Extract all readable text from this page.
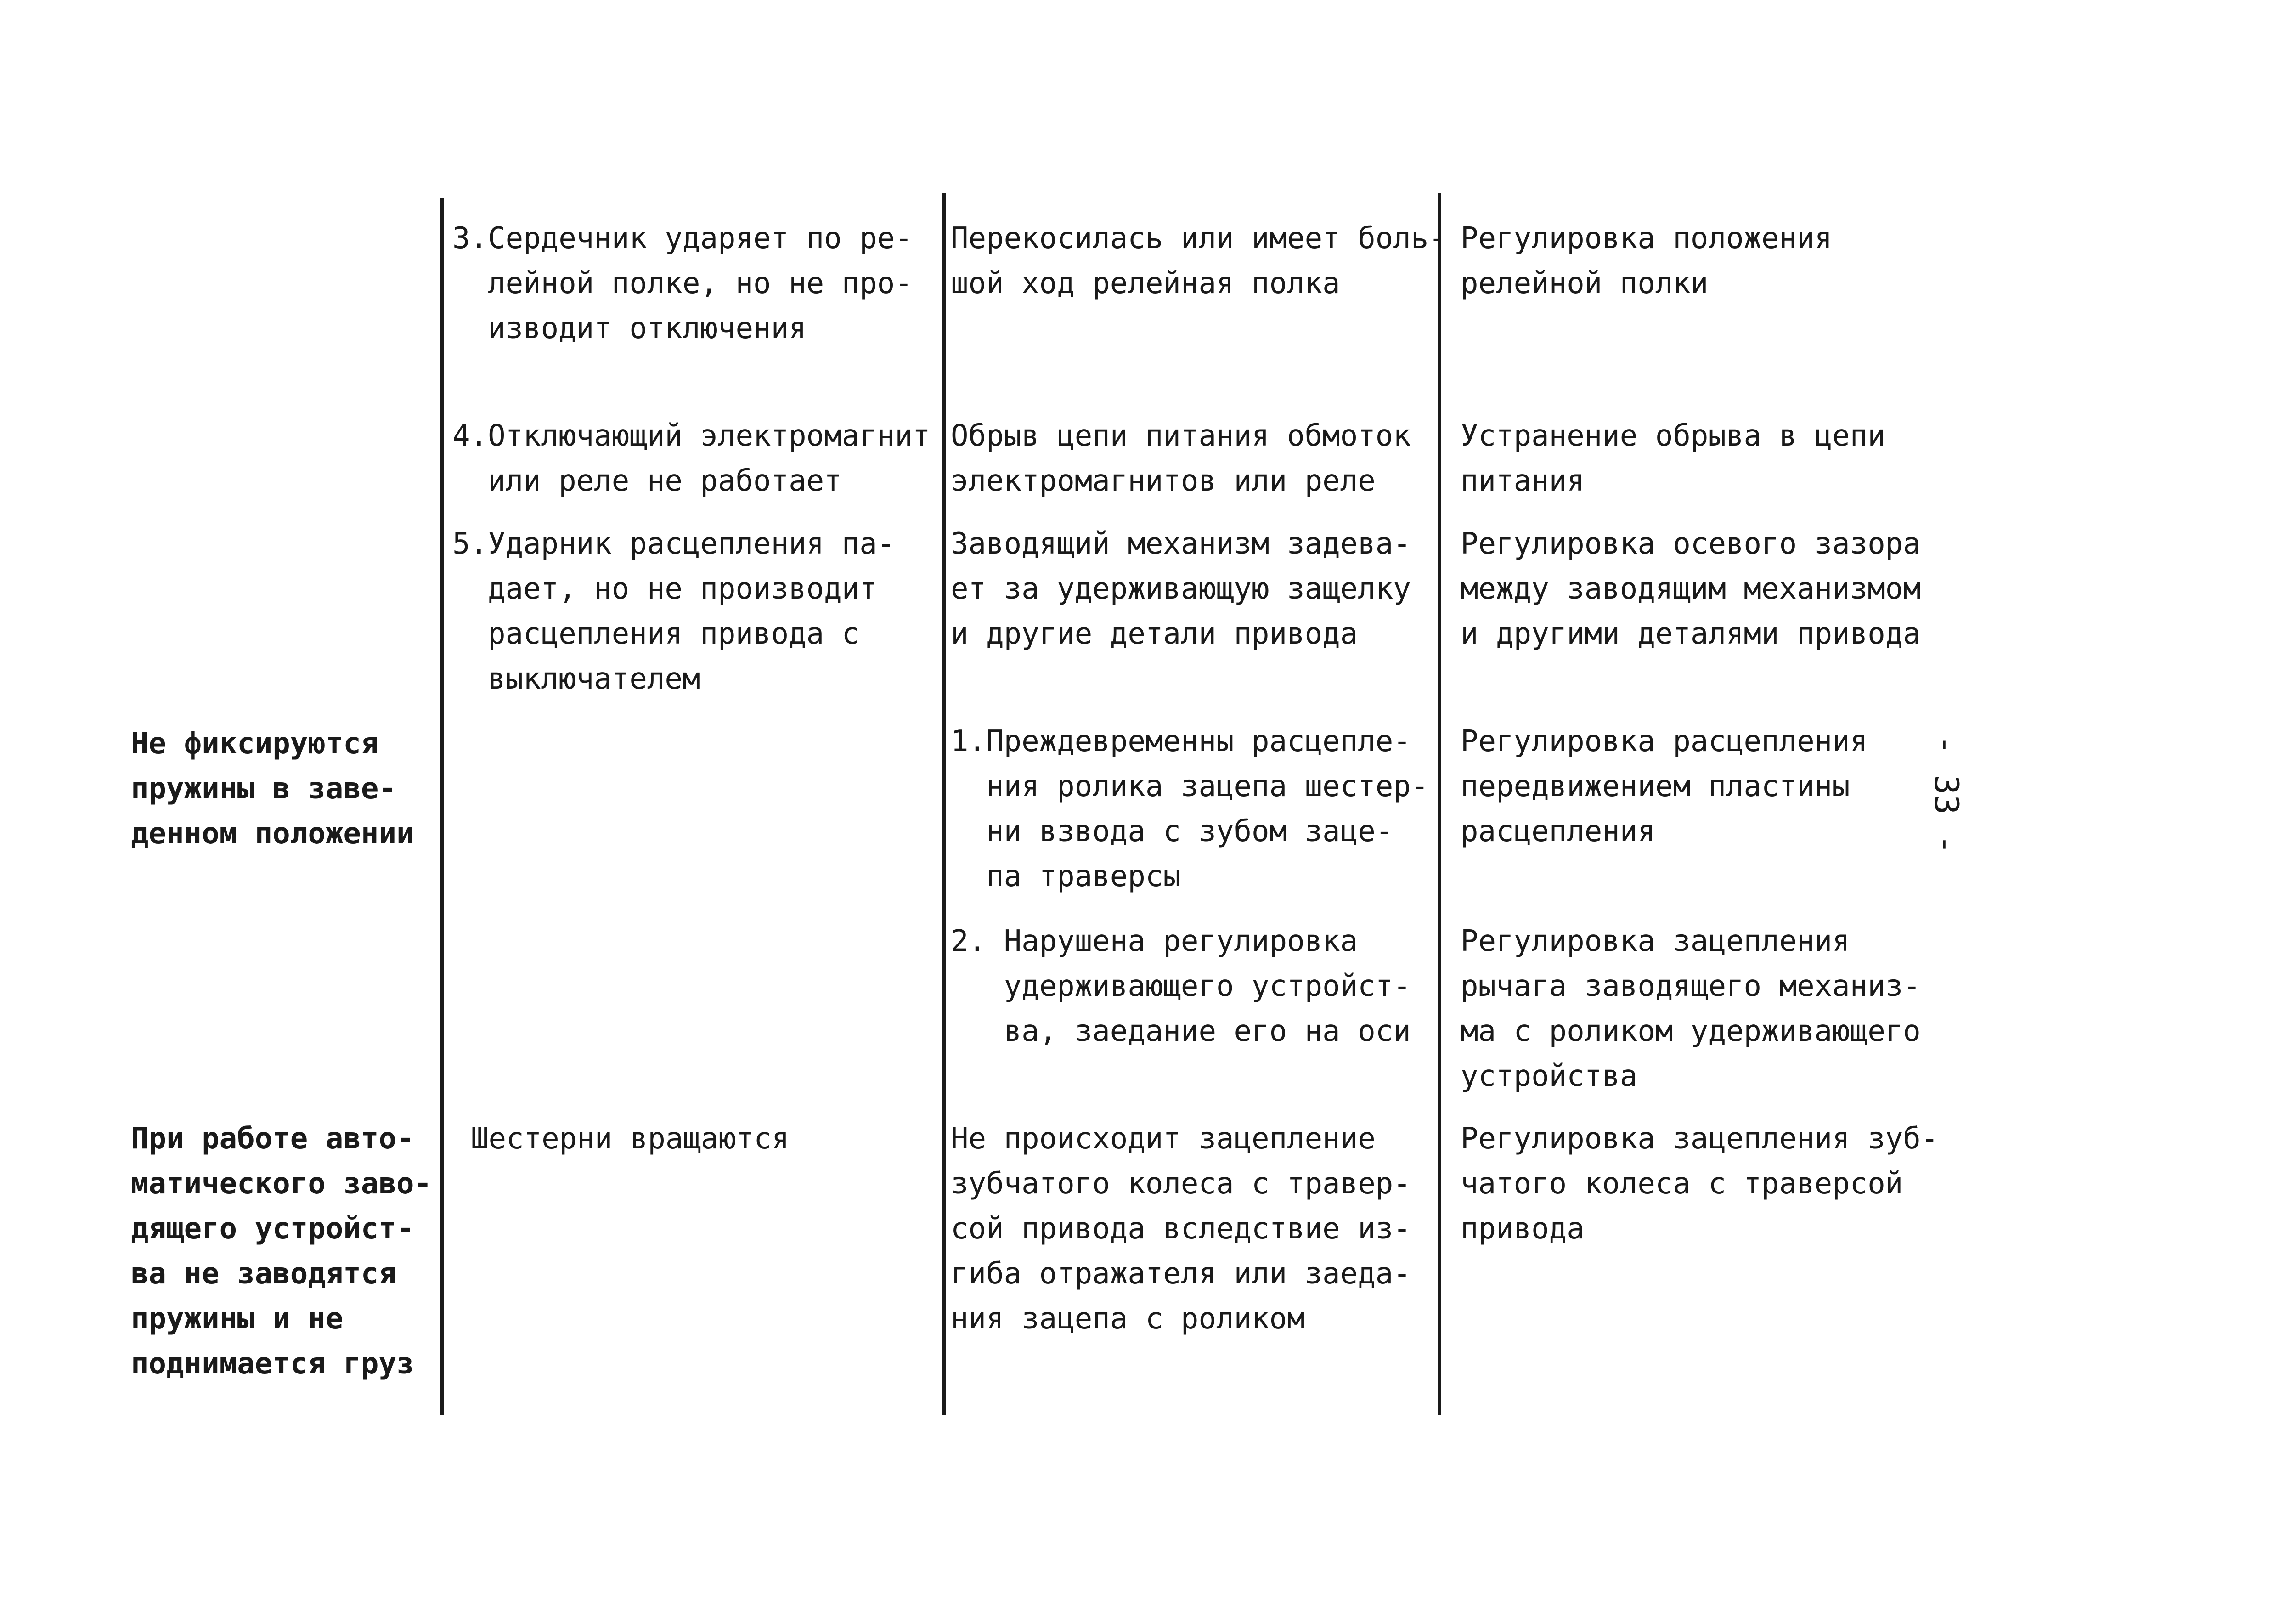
- 33 -
3.Сердечник ударяет по ре-
лейной полке, но не про-
изводит отключения
Перекосилась или имеет боль-
шой ход релейная полка
Регулировка положения
релейной полки
4.Отключающий электромагнит
или реле не работает
Обрыв цепи питания обмоток
электромагнитов или реле
Устранение обрыва в цепи
питания
5.Ударник расцепления па-
дает, но не производит
расцепления привода с
выключателем
Заводящий механизм задева-
ет за удерживающую защелку
и другие детали привода
Регулировка осевого зазора
между заводящим механизмом
и другими деталями привода
Не фиксируются
пружины в заве-
денном положении
1.Преждевременны расцепле-
ния ролика зацепа шестер-
ни взвода с зубом заце-
па траверсы
Регулировка расцепления
передвижением пластины
расцепления
2. Нарушена регулировка
удерживающего устройст-
ва, заедание его на оси
Регулировка зацепления
рычага заводящего механиз-
ма с роликом удерживающего
устройства
При работе авто-
матического заво-
дящего устройст-
ва не заводятся
пружины и не
поднимается груз
Шестерни вращаются	Не происходит зацепление
зубчатого колеса с травер-
сой привода вследствие из-
гиба отражателя или заеда-
ния зацепа с роликом
Регулировка зацепления зуб-
чатого колеса с траверсой
привода
